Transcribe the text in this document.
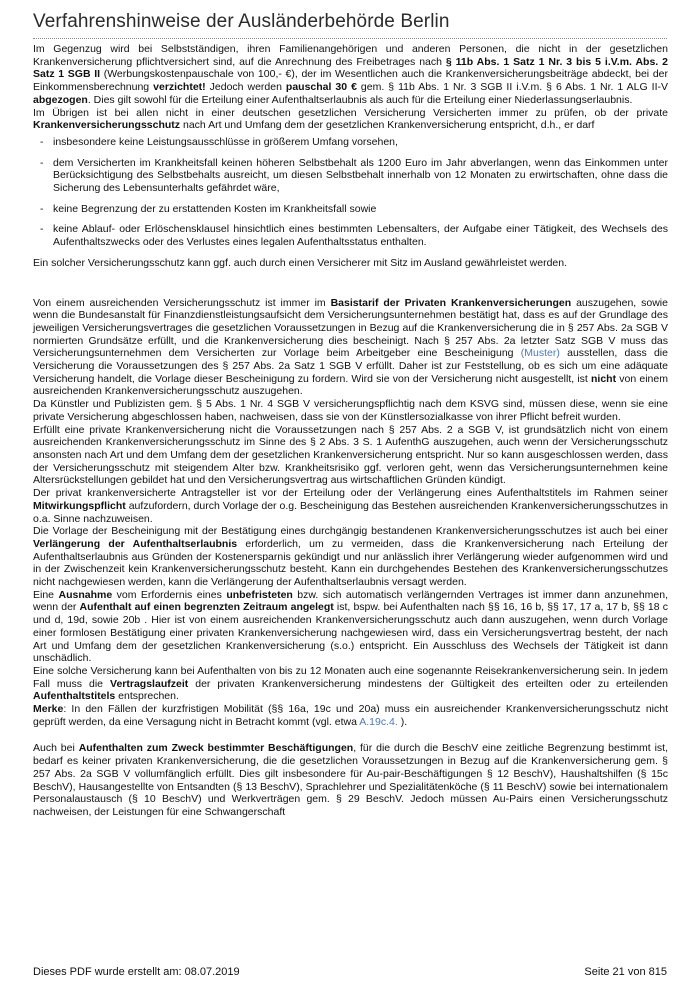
Verfahrenshinweise der Ausländerbehörde Berlin

Im Gegenzug wird bei Selbstständigen, ihren Familienangehörigen und anderen Personen, die nicht in der gesetzlichen Krankenversicherung pflichtversichert sind, auf die Anrechnung des Freibetrages nach § 11b Abs. 1 Satz 1 Nr. 3 bis 5 i.V.m. Abs. 2 Satz 1 SGB II (Werbungskostenpauschale von 100,- €), der im Wesentlichen auch die Krankenversicherungsbeiträge abdeckt, bei der Einkommensberechnung verzichtet! Jedoch werden pauschal 30 € gem. § 11b Abs. 1 Nr. 3 SGB II i.V.m. § 6 Abs. 1 Nr. 1 ALG II-V abgezogen. Dies gilt sowohl für die Erteilung einer Aufenthaltserlaubnis als auch für die Erteilung einer Niederlassungserlaubnis.

Im Übrigen ist bei allen nicht in einer deutschen gesetzlichen Versicherung Versicherten immer zu prüfen, ob der private Krankenversicherungsschutz nach Art und Umfang dem der gesetzlichen Krankenversicherung entspricht, d.h., er darf

- insbesondere keine Leistungsausschlüsse in größerem Umfang vorsehen,
- dem Versicherten im Krankheitsfall keinen höheren Selbstbehalt als 1200 Euro im Jahr abverlangen, wenn das Einkommen unter Berücksichtigung des Selbstbehalts ausreicht, um diesen Selbstbehalt innerhalb von 12 Monaten zu erwirtschaften, ohne dass die Sicherung des Lebensunterhalts gefährdet wäre,
- keine Begrenzung der zu erstattenden Kosten im Krankheitsfall sowie
- keine Ablauf- oder Erlöschensklausel hinsichtlich eines bestimmten Lebensalters, der Aufgabe einer Tätigkeit, des Wechsels des Aufenthaltszwecks oder des Verlustes eines legalen Aufenthaltsstatus enthalten.

Ein solcher Versicherungsschutz kann ggf. auch durch einen Versicherer mit Sitz im Ausland gewährleistet werden.

Von einem ausreichenden Versicherungsschutz ist immer im Basistarif der Privaten Krankenversicherungen auszugehen, sowie wenn die Bundesanstalt für Finanzdienstleistungsaufsicht dem Versicherungsunternehmen bestätigt hat, dass es auf der Grundlage des jeweiligen Versicherungsvertrages die gesetzlichen Voraussetzungen in Bezug auf die Krankenversicherung die in § 257 Abs. 2a SGB V normierten Grundsätze erfüllt, und die Krankenversicherung dies bescheinigt. Nach § 257 Abs. 2a letzter Satz SGB V muss das Versicherungsunternehmen dem Versicherten zur Vorlage beim Arbeitgeber eine Bescheinigung (Muster) ausstellen, dass die Versicherung die Voraussetzungen des § 257 Abs. 2a Satz 1 SGB V erfüllt. Daher ist zur Feststellung, ob es sich um eine adäquate Versicherung handelt, die Vorlage dieser Bescheinigung zu fordern. Wird sie von der Versicherung nicht ausgestellt, ist nicht von einem ausreichenden Krankenversicherungsschutz auszugehen.

Da Künstler und Publizisten gem. § 5 Abs. 1 Nr. 4 SGB V versicherungspflichtig nach dem KSVG sind, müssen diese, wenn sie eine private Versicherung abgeschlossen haben, nachweisen, dass sie von der Künstlersozialkasse von ihrer Pflicht befreit wurden.

Erfüllt eine private Krankenversicherung nicht die Voraussetzungen nach § 257 Abs. 2 a SGB V, ist grundsätzlich nicht von einem ausreichenden Krankenversicherungsschutz im Sinne des § 2 Abs. 3 S. 1 AufenthG auszugehen, auch wenn der Versicherungsschutz ansonsten nach Art und dem Umfang dem der gesetzlichen Krankenversicherung entspricht. Nur so kann ausgeschlossen werden, dass der Versicherungsschutz mit steigendem Alter bzw. Krankheitsrisiko ggf. verloren geht, wenn das Versicherungsunternehmen keine Altersrückstellungen gebildet hat und den Versicherungsvertrag aus wirtschaftlichen Gründen kündigt.

Der privat krankenversicherte Antragsteller ist vor der Erteilung oder der Verlängerung eines Aufenthaltstitels im Rahmen seiner Mitwirkungspflicht aufzufordern, durch Vorlage der o.g. Bescheinigung das Bestehen ausreichenden Krankenversicherungsschutzes in o.a. Sinne nachzuweisen.

Die Vorlage der Bescheinigung mit der Bestätigung eines durchgängig bestandenen Krankenversicherungsschutzes ist auch bei einer Verlängerung der Aufenthaltserlaubnis erforderlich, um zu vermeiden, dass die Krankenversicherung nach Erteilung der Aufenthaltserlaubnis aus Gründen der Kostenersparnis gekündigt und nur anlässlich ihrer Verlängerung wieder aufgenommen wird und in der Zwischenzeit kein Krankenversicherungsschutz besteht. Kann ein durchgehendes Bestehen des Krankenversicherungsschutzes nicht nachgewiesen werden, kann die Verlängerung der Aufenthaltserlaubnis versagt werden.

Eine Ausnahme vom Erfordernis eines unbefristeten bzw. sich automatisch verlängernden Vertrages ist immer dann anzunehmen, wenn der Aufenthalt auf einen begrenzten Zeitraum angelegt ist, bspw. bei Aufenthalten nach §§ 16, 16 b, §§ 17, 17 a, 17 b, §§ 18 c und d, 19d, sowie 20b . Hier ist von einem ausreichenden Krankenversicherungsschutz auch dann auszugehen, wenn durch Vorlage einer formlosen Bestätigung einer privaten Krankenversicherung nachgewiesen wird, dass ein Versicherungsvertrag besteht, der nach Art und Umfang dem der gesetzlichen Krankenversicherung (s.o.) entspricht. Ein Ausschluss des Wechsels der Tätigkeit ist dann unschädlich.

Eine solche Versicherung kann bei Aufenthalten von bis zu 12 Monaten auch eine sogenannte Reisekrankenversicherung sein. In jedem Fall muss die Vertragslaufzeit der privaten Krankenversicherung mindestens der Gültigkeit des erteilten oder zu erteilenden Aufenthaltstitels entsprechen.

Merke: In den Fällen der kurzfristigen Mobilität (§§ 16a, 19c und 20a) muss ein ausreichender Krankenversicherungsschutz nicht geprüft werden, da eine Versagung nicht in Betracht kommt (vgl. etwa A.19c.4. ).

Auch bei Aufenthalten zum Zweck bestimmter Beschäftigungen, für die durch die BeschV eine zeitliche Begrenzung bestimmt ist, bedarf es keiner privaten Krankenversicherung, die die gesetzlichen Voraussetzungen in Bezug auf die Krankenversicherung gem. § 257 Abs. 2a SGB V vollumfänglich erfüllt. Dies gilt insbesondere für Au-pair-Beschäftigungen § 12 BeschV), Haushaltshilfen (§ 15c BeschV), Hausangestellte von Entsandten (§ 13 BeschV), Sprachlehrer und Spezialitätenköche (§ 11 BeschV) sowie bei internationalem Personalaustausch (§ 10 BeschV) und Werkverträgen gem. § 29 BeschV. Jedoch müssen Au-Pairs einen Versicherungsschutz nachweisen, der Leistungen für eine Schwangerschaft

Dieses PDF wurde erstellt am: 08.07.2019	Seite 21 von 815
